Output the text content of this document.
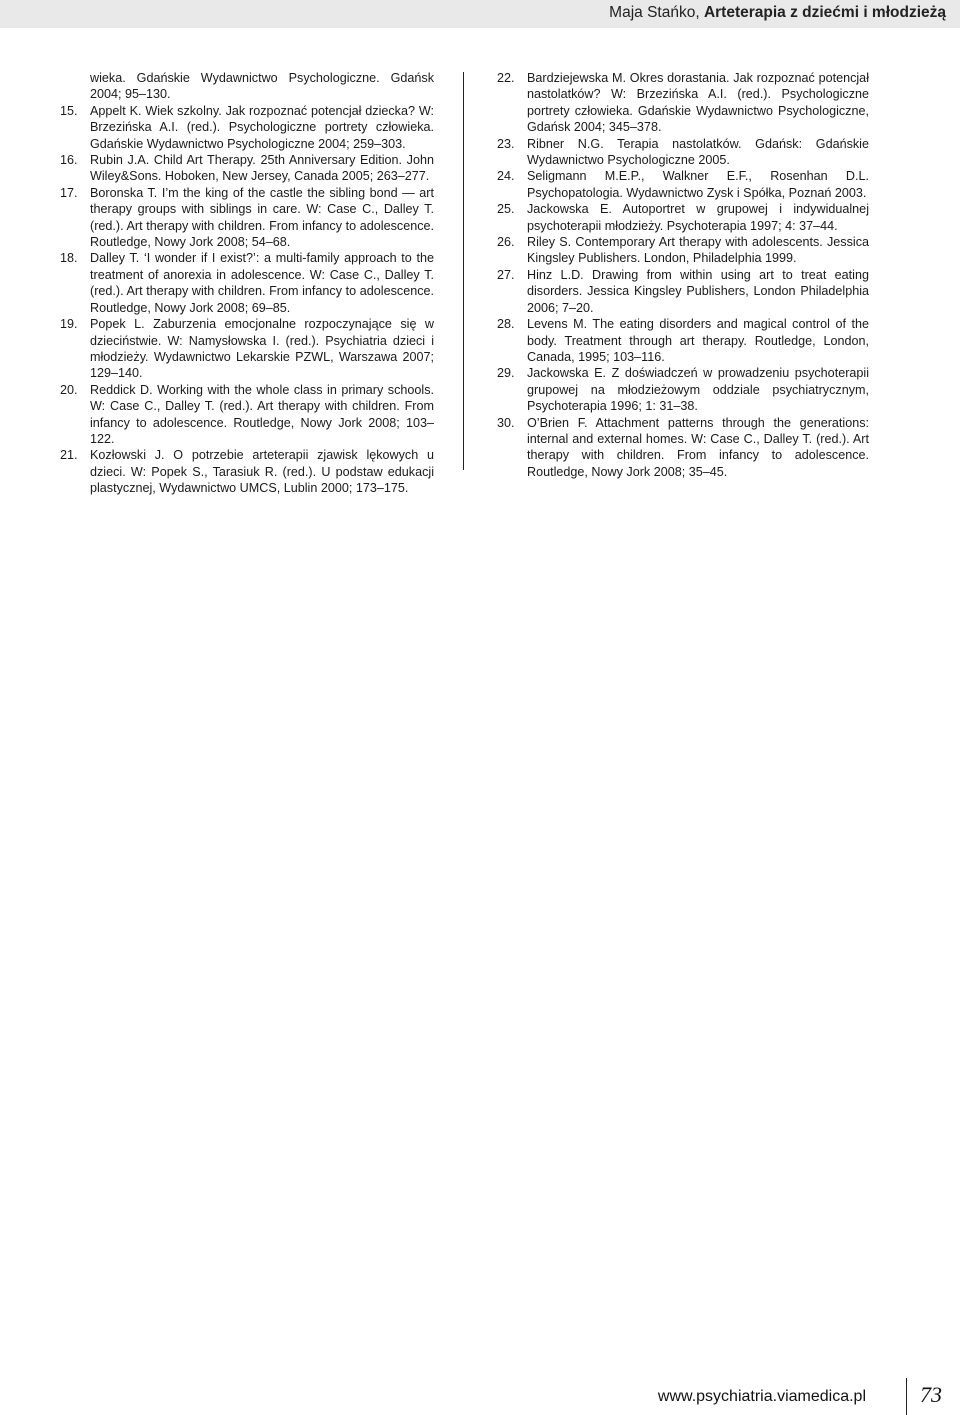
Maja Stańko, Arteterapia z dziećmi i młodzieżą
wieka. Gdańskie Wydawnictwo Psychologiczne. Gdańsk 2004; 95–130.
15. Appelt K. Wiek szkolny. Jak rozpoznać potencjał dziecka? W: Brzezińska A.I. (red.). Psychologiczne portrety człowieka. Gdańskie Wydawnictwo Psychologiczne 2004; 259–303.
16. Rubin J.A. Child Art Therapy. 25th Anniversary Edition. John Wiley&Sons. Hoboken, New Jersey, Canada 2005; 263–277.
17. Boronska T. I’m the king of the castle the sibling bond — art therapy groups with siblings in care. W: Case C., Dalley T. (red.). Art therapy with children. From infancy to adolescence. Routledge, Nowy Jork 2008; 54–68.
18. Dalley T. ‘I wonder if I exist?’: a multi-family approach to the treatment of anorexia in adolescence. W: Case C., Dalley T. (red.). Art therapy with children. From infancy to adolescence. Routledge, Nowy Jork 2008; 69–85.
19. Popek L. Zaburzenia emocjonalne rozpoczynające się w dzieciństwie. W: Namysłowska I. (red.). Psychiatria dzieci i młodzieży. Wydawnictwo Lekarskie PZWL, Warszawa 2007; 129–140.
20. Reddick D. Working with the whole class in primary schools. W: Case C., Dalley T. (red.). Art therapy with children. From infancy to adolescence. Routledge, Nowy Jork 2008; 103–122.
21. Kozłowski J. O potrzebie arteterapii zjawisk lękowych u dzieci. W: Popek S., Tarasiuk R. (red.). U podstaw edukacji plastycznej, Wydawnictwo UMCS, Lublin 2000; 173–175.
22. Bardziejewska M. Okres dorastania. Jak rozpoznać potencjał nastolatków? W: Brzezińska A.I. (red.). Psychologiczne portrety człowieka. Gdańskie Wydawnictwo Psychologiczne, Gdańsk 2004; 345–378.
23. Ribner N.G. Terapia nastolatków. Gdańsk: Gdańskie Wydawnictwo Psychologiczne 2005.
24. Seligmann M.E.P., Walkner E.F., Rosenhan D.L. Psychopatologia. Wydawnictwo Zysk i Spółka, Poznań 2003.
25. Jackowska E. Autoportret w grupowej i indywidualnej psychoterapii młodzieży. Psychoterapia 1997; 4: 37–44.
26. Riley S. Contemporary Art therapy with adolescents. Jessica Kingsley Publishers. London, Philadelphia 1999.
27. Hinz L.D. Drawing from within using art to treat eating disorders. Jessica Kingsley Publishers, London Philadelphia 2006; 7–20.
28. Levens M. The eating disorders and magical control of the body. Treatment through art therapy. Routledge, London, Canada, 1995; 103–116.
29. Jackowska E. Z doświadczeń w prowadzeniu psychoterapii grupowej na młodzieżowym oddziale psychiatrycznym, Psychoterapia 1996; 1: 31–38.
30. O’Brien F. Attachment patterns through the generations: internal and external homes. W: Case C., Dalley T. (red.). Art therapy with children. From infancy to adolescence. Routledge, Nowy Jork 2008; 35–45.
www.psychiatria.viamedica.pl 73
